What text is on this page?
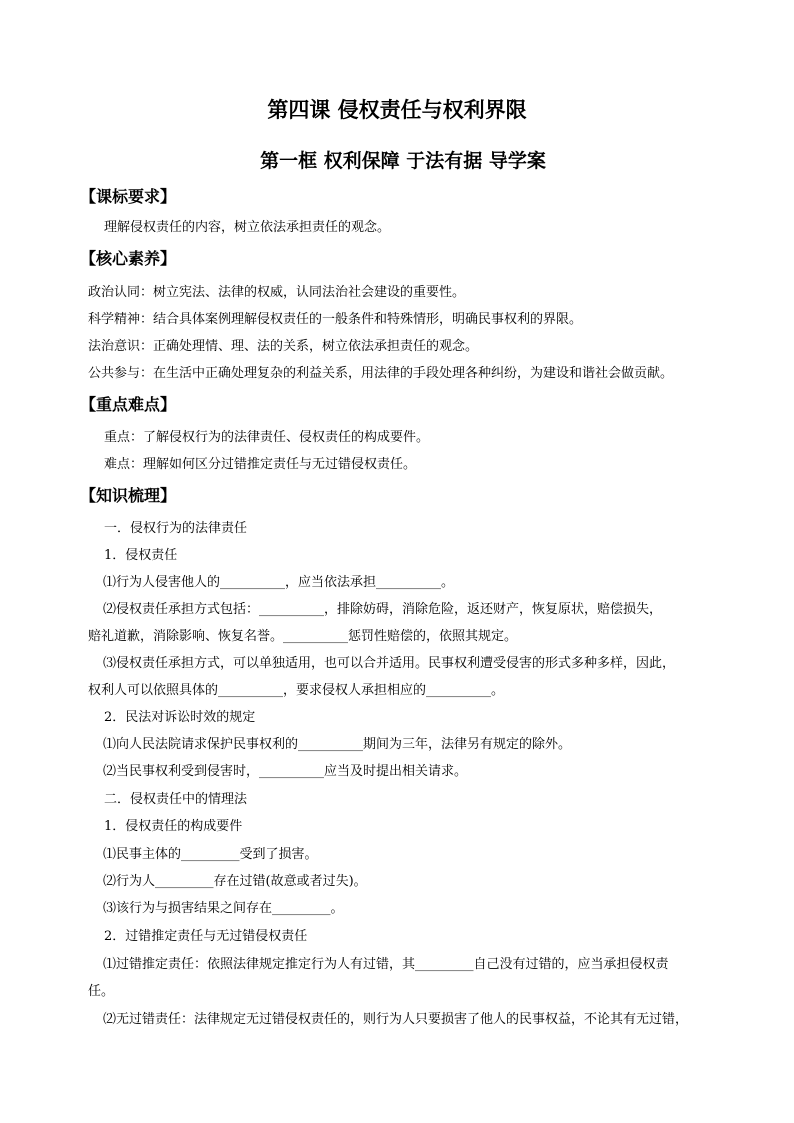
第四课 侵权责任与权利界限
第一框 权利保障 于法有据 导学案
【课标要求】
理解侵权责任的内容，树立依法承担责任的观念。
【核心素养】
政治认同：树立宪法、法律的权威，认同法治社会建设的重要性。
科学精神：结合具体案例理解侵权责任的一般条件和特殊情形，明确民事权利的界限。
法治意识：正确处理情、理、法的关系，树立依法承担责任的观念。
公共参与：在生活中正确处理复杂的利益关系，用法律的手段处理各种纠纷，为建设和谐社会做贡献。
【重点难点】
重点：了解侵权行为的法律责任、侵权责任的构成要件。
难点：理解如何区分过错推定责任与无过错侵权责任。
【知识梳理】
一．侵权行为的法律责任
1．侵权责任
⑴行为人侵害他人的__________，应当依法承担__________。
⑵侵权责任承担方式包括：__________，排除妨碍，消除危险，返还财产，恢复原状，赔偿损失，
赔礼道歉，消除影响、恢复名誉。__________惩罚性赔偿的，依照其规定。
⑶侵权责任承担方式，可以单独适用，也可以合并适用。民事权利遭受侵害的形式多种多样，因此，
权利人可以依照具体的__________，要求侵权人承担相应的__________。
2．民法对诉讼时效的规定
⑴向人民法院请求保护民事权利的__________期间为三年，法律另有规定的除外。
⑵当民事权利受到侵害时，__________应当及时提出相关请求。
二．侵权责任中的情理法
1．侵权责任的构成要件
⑴民事主体的_________受到了损害。
⑵行为人_________存在过错(故意或者过失)。
⑶该行为与损害结果之间存在_________。
2．过错推定责任与无过错侵权责任
⑴过错推定责任：依照法律规定推定行为人有过错，其_________自己没有过错的，应当承担侵权责
任。
⑵无过错责任：法律规定无过错侵权责任的，则行为人只要损害了他人的民事权益，不论其有无过错，
